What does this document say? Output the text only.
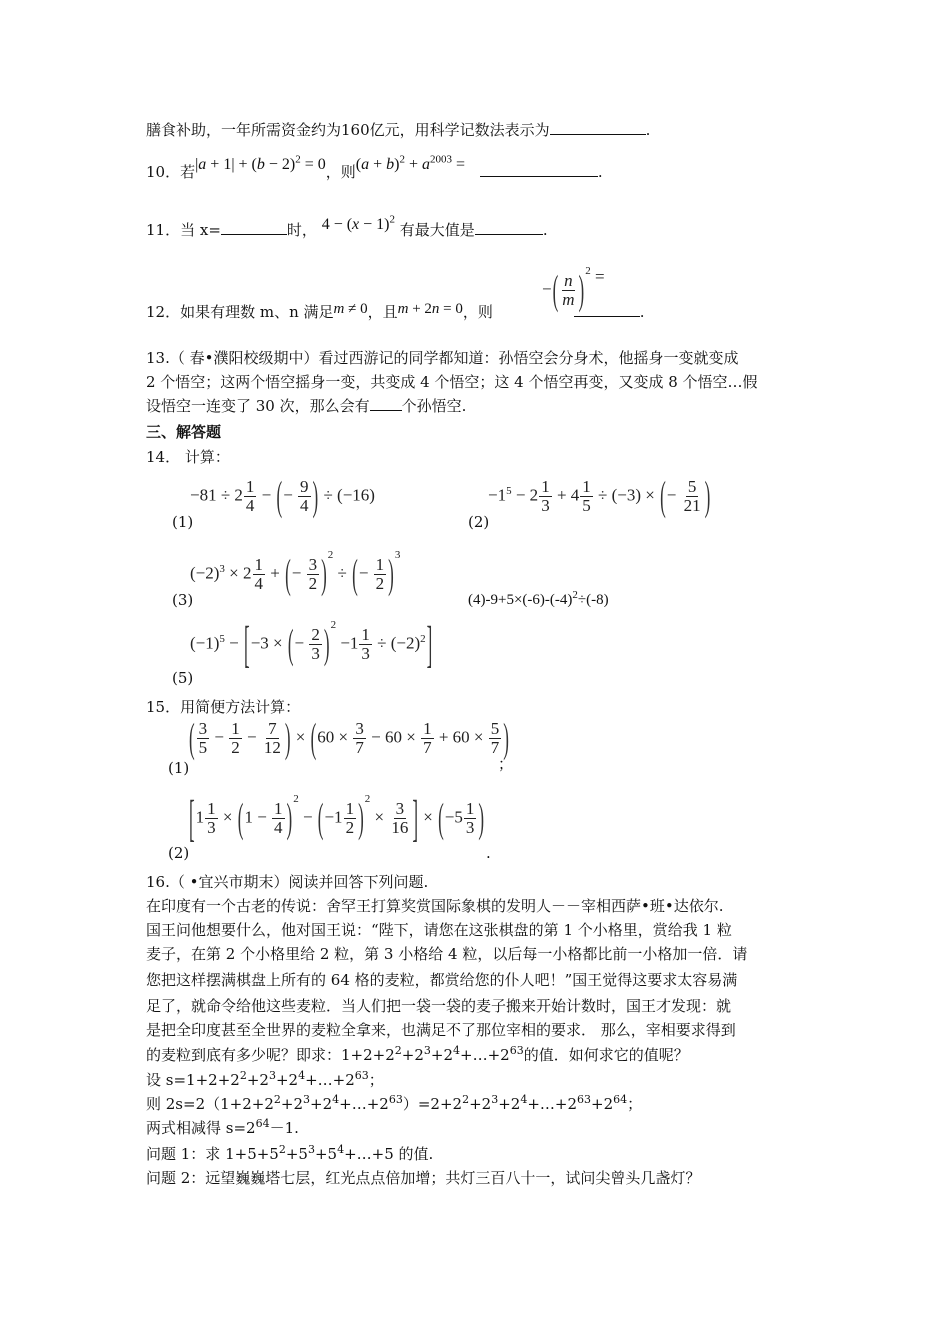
膳食补助，一年所需资金约为160亿元，用科学记数法表示为	.
10．若$|a + 1| + (b - 2)^2 = 0$，则$(a + b)^2 + a^{2003}$ =	.
11．当 x=	时， $4 - (x - 1)^2$ 有最大值是	.
−( $\frac{n}{m} )^2$ =
12．如果有理数 m、n 满足m ≠ 0，且m + 2n = 0，则	.
13.（ 春•濮阳校级期中）看过西游记的同学都知道：孙悟空会分身术，他摇身一变就变成
2 个悟空；这两个悟空摇身一变，共变成 4 个悟空；这 4 个悟空再变，又变成 8 个悟空…假
设悟空一连变了 30 次，那么会有 个孙悟空.
三、解答题
14． 计算：
$-81 \div 2 \frac{1}{4}$ − (− $\frac{9}{4}$ ) ÷ (−16)
(1)
$-1^5 - 2 \frac{1}{3} + 4 \frac{1}{5} \div (-3)$ × (− $\frac{5}{21}$ )
(2)
$(-2)^3 \times 2 \frac{1}{4}$ + (− $\frac{3}{2} )^2$ ÷ (− $\frac{1}{2} )^3$
(3)	$(4)-9+5\times(-6)-(-4)^2\div(-8)$
$(-1)^5 - [-3$ × (− $\frac{2}{3} )^2 -1 \frac{1}{3} \div (-2)^2$]
(5)
15．用简便方法计算：
( $\frac{3}{5} - \frac{1}{2} - \frac{7}{12}$ ) × ($60 \times \frac{3}{7} - 60 \times \frac{1}{7} + 60 \times \frac{5}{7}$ )
(1)	；
[$1 \frac{1}{3} \times (1 - \frac{1}{4} )^2 - (-1 \frac{1}{2} )^2 \times \frac{3}{16}$ ] × ($-5 \frac{1}{3}$ )
(2)	.
16.（ •宜兴市期末）阅读并回答下列问题.
在印度有一个古老的传说：舍罕王打算奖赏国际象棋的发明人－－宰相西萨•班•达依尔.
国王问他想要什么，他对国王说：“陛下，请您在这张棋盘的第 1 个小格里，赏给我 1 粒
麦子，在第 2 个小格里给 2 粒，第 3 小格给 4 粒，以后每一小格都比前一小格加一倍．请
您把这样摆满棋盘上所有的 64 格的麦粒，都赏给您的仆人吧！”国王觉得这要求太容易满
足了，就命令给他这些麦粒．当人们把一袋一袋的麦子搬来开始计数时，国王才发现：就
是把全印度甚至全世界的麦粒全拿来，也满足不了那位宰相的要求． 那么，宰相要求得到
的麦粒到底有多少呢？即求：$1+2+2^2+2^3+2^4+\dots+2^{63}$的值．如何求它的值呢？
设 $s=1+2+2^2+2^3+2^4+\dots+2^{63}$；
则 $2s=2(1+2+2^2+2^3+2^4+\dots+2^{63})=2+2^2+2^3+2^4+\dots+2^{63}+2^{64}$；
两式相减得 $s=2^{64}-1$.
问题 1：求 $1+5+5^2+5^3+5^4+\dots+5$ 的值.
问题 2：远望巍巍塔七层，红光点点倍加增；共灯三百八十一，试问尖曾头几盏灯？
